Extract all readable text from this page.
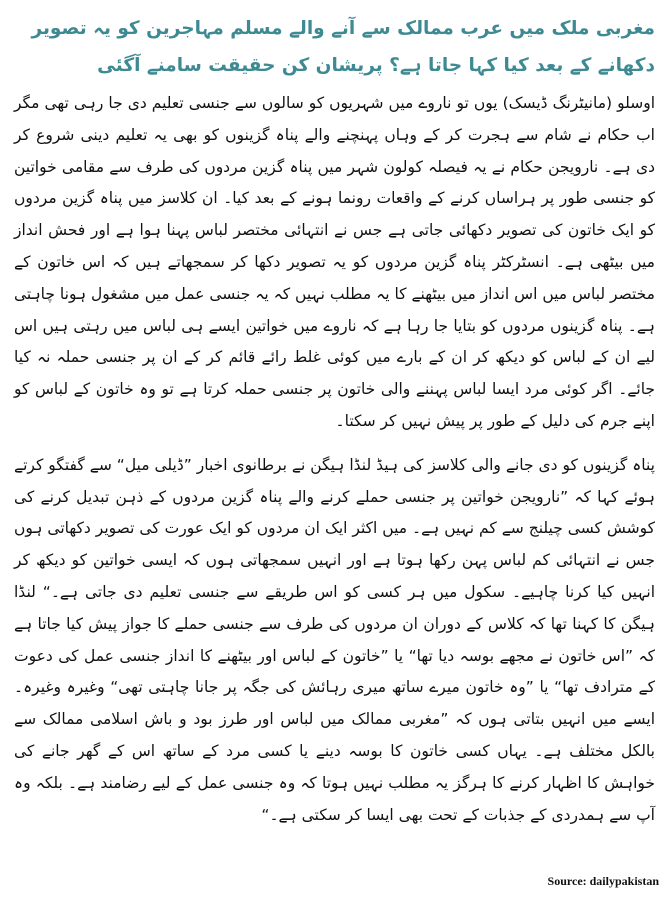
مغربی ملک میں عرب ممالک سے آنے والے مسلم مہاجرین کو یہ تصویر دکھانے کے بعد کیا کہا جاتا ہے؟ پریشان کن حقیقت سامنے آگئی

اوسلو (مانیٹرنگ ڈیسک) یوں تو ناروے میں شہریوں کو سالوں سے جنسی تعلیم دی جا رہی تھی مگر اب حکام نے شام سے ہجرت کر کے وہاں پہنچنے والے پناہ گزینوں کو بھی یہ تعلیم دینی شروع کر دی ہے۔ نارویجن حکام نے یہ فیصلہ کولون شہر میں پناہ گزین مردوں کی طرف سے مقامی خواتین کو جنسی طور پر ہراساں کرنے کے واقعات رونما ہونے کے بعد کیا۔ ان کلاسز میں پناہ گزین مردوں کو ایک خاتون کی تصویر دکھائی جاتی ہے جس نے انتہائی مختصر لباس پہنا ہوا ہے اور فحش انداز میں بیٹھی ہے۔ انسٹرکٹر پناہ گزین مردوں کو یہ تصویر دکھا کر سمجھاتے ہیں کہ اس خاتون کے مختصر لباس میں اس انداز میں بیٹھنے کا یہ مطلب نہیں کہ یہ جنسی عمل میں مشغول ہونا چاہتی ہے۔ پناہ گزینوں مردوں کو بتایا جا رہا ہے کہ ناروے میں خواتین ایسے ہی لباس میں رہتی ہیں اس لیے ان کے لباس کو دیکھ کر ان کے بارے میں کوئی غلط رائے قائم کر کے ان پر جنسی حملہ نہ کیا جائے۔ اگر کوئی مرد ایسا لباس پہننے والی خاتون پر جنسی حملہ کرتا ہے تو وہ خاتون کے لباس کو اپنے جرم کی دلیل کے طور پر پیش نہیں کر سکتا۔

پناہ گزینوں کو دی جانے والی کلاسز کی ہیڈ لنڈا ہیگن نے برطانوی اخبار ”ڈیلی میل“ سے گفتگو کرتے ہوئے کہا کہ ”نارویجن خواتین پر جنسی حملے کرنے والے پناہ گزین مردوں کے ذہن تبدیل کرنے کی کوشش کسی چیلنج سے کم نہیں ہے۔ میں اکثر ایک ان مردوں کو ایک عورت کی تصویر دکھاتی ہوں جس نے انتہائی کم لباس پہن رکھا ہوتا ہے اور انہیں سمجھاتی ہوں کہ ایسی خواتین کو دیکھ کر انہیں کیا کرنا چاہیے۔ سکول میں ہر کسی کو اس طریقے سے جنسی تعلیم دی جاتی ہے۔“ لنڈا ہیگن کا کہنا تھا کہ کلاس کے دوران ان مردوں کی طرف سے جنسی حملے کا جواز پیش کیا جاتا ہے کہ ”اس خاتون نے مجھے بوسہ دیا تھا“ یا ”خاتون کے لباس اور بیٹھنے کا انداز جنسی عمل کی دعوت کے مترادف تھا“ یا ”وہ خاتون میرے ساتھ میری رہائش کی جگہ پر جانا چاہتی تھی“ وغیرہ وغیرہ۔ ایسے میں انہیں بتاتی ہوں کہ ”مغربی ممالک میں لباس اور طرز بود و باش اسلامی ممالک سے بالکل مختلف ہے۔ یہاں کسی خاتون کا بوسہ دینے یا کسی مرد کے ساتھ اس کے گھر جانے کی خواہش کا اظہار کرنے کا ہرگز یہ مطلب نہیں ہوتا کہ وہ جنسی عمل کے لیے رضامند ہے۔ بلکہ وہ آپ سے ہمدردی کے جذبات کے تحت بھی ایسا کر سکتی ہے۔“

Source: dailypakistan
